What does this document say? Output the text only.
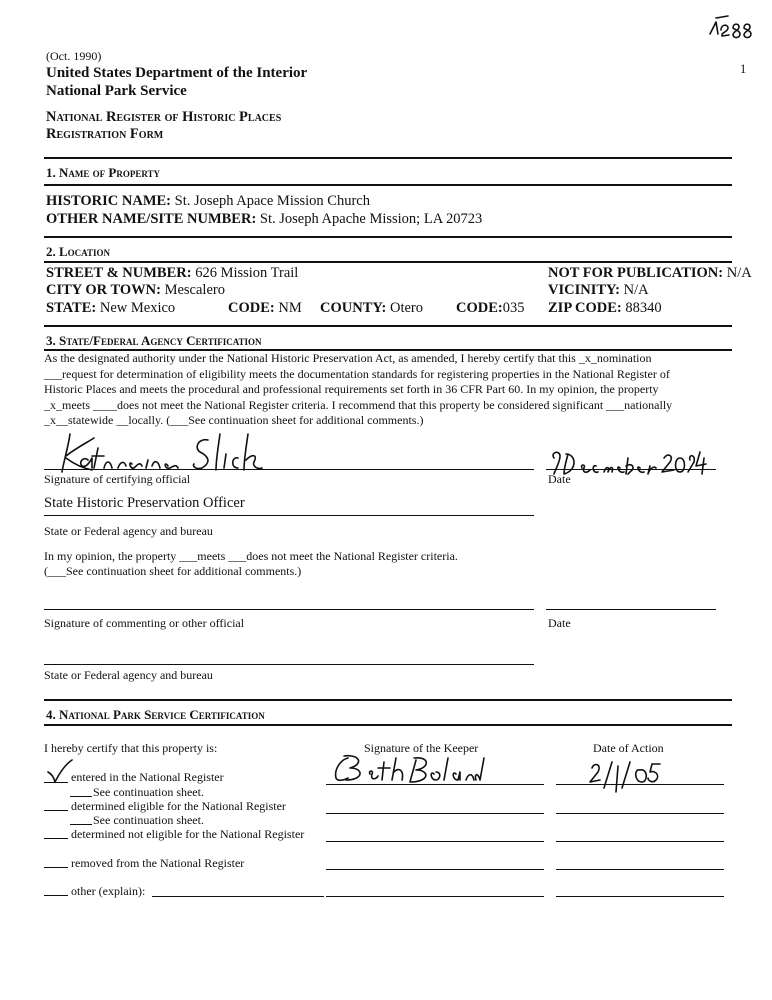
1
(Oct. 1990)
United States Department of the Interior
National Park Service
National Register of Historic Places
Registration Form
1. Name of Property
HISTORIC NAME: St. Joseph Apace Mission Church
OTHER NAME/SITE NUMBER: St. Joseph Apache Mission; LA 20723
2. Location
STREET & NUMBER: 626 Mission Trail	NOT FOR PUBLICATION: N/A
CITY OR TOWN: Mescalero	VICINITY: N/A
STATE: New Mexico	CODE: NM COUNTY: Otero CODE:035 ZIP CODE: 88340
3. State/Federal Agency Certification
As the designated authority under the National Historic Preservation Act, as amended, I hereby certify that this _x_nomination
___request for determination of eligibility meets the documentation standards for registering properties in the National Register of
Historic Places and meets the procedural and professional requirements set forth in 36 CFR Part 60. In my opinion, the property
_x_meets ____does not meet the National Register criteria. I recommend that this property be considered significant ___nationally
_x__statewide __locally. (___See continuation sheet for additional comments.)
Signature of certifying official	Date
State Historic Preservation Officer
State or Federal agency and bureau
In my opinion, the property ___meets ___does not meet the National Register criteria.
(___See continuation sheet for additional comments.)
Signature of commenting or other official	Date
State or Federal agency and bureau
4. National Park Service Certification
I hereby certify that this property is:	Signature of the Keeper	Date of Action
entered in the National Register
See continuation sheet.
determined eligible for the National Register
See continuation sheet.
determined not eligible for the National Register
removed from the National Register
other (explain):
